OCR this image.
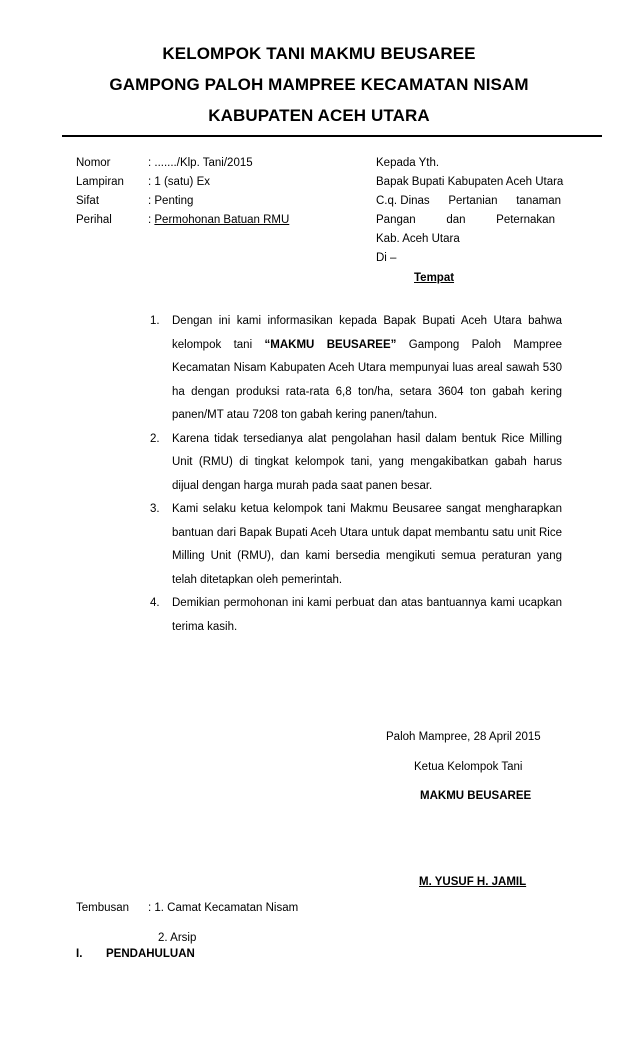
KELOMPOK TANI MAKMU BEUSAREE
GAMPONG PALOH MAMPREE KECAMATAN NISAM
KABUPATEN ACEH UTARA
Nomor	: ......./Klp. Tani/2015
Lampiran	: 1 (satu) Ex
Sifat	: Penting
Perihal	: Permohonan Batuan RMU
Kepada Yth.
Bapak Bupati Kabupaten Aceh Utara
C.q. Dinas Pertanian tanaman
Pangan	dan	Peternakan
Kab. Aceh Utara
Di –
Tempat
1.	Dengan ini kami informasikan kepada Bapak Bupati Aceh Utara bahwa kelompok tani “MAKMU BEUSAREE” Gampong Paloh Mampree Kecamatan Nisam Kabupaten Aceh Utara mempunyai luas areal sawah 530 ha dengan produksi rata-rata 6,8 ton/ha, setara 3604 ton gabah kering panen/MT atau 7208 ton gabah kering panen/tahun.
2.	Karena tidak tersedianya alat pengolahan hasil dalam bentuk Rice Milling Unit (RMU) di tingkat kelompok tani, yang mengakibatkan gabah harus dijual dengan harga murah pada saat panen besar.
3.	Kami selaku ketua kelompok tani Makmu Beusaree sangat mengharapkan bantuan dari Bapak Bupati Aceh Utara untuk dapat membantu satu unit Rice Milling Unit (RMU), dan kami bersedia mengikuti semua peraturan yang telah ditetapkan oleh pemerintah.
4.	Demikian permohonan ini kami perbuat dan atas bantuannya kami ucapkan terima kasih.
Paloh Mampree, 28 April 2015
Ketua Kelompok Tani
MAKMU BEUSAREE
M. YUSUF H. JAMIL
Tembusan	: 1. Camat Kecamatan Nisam
2. Arsip
I.	PENDAHULUAN
